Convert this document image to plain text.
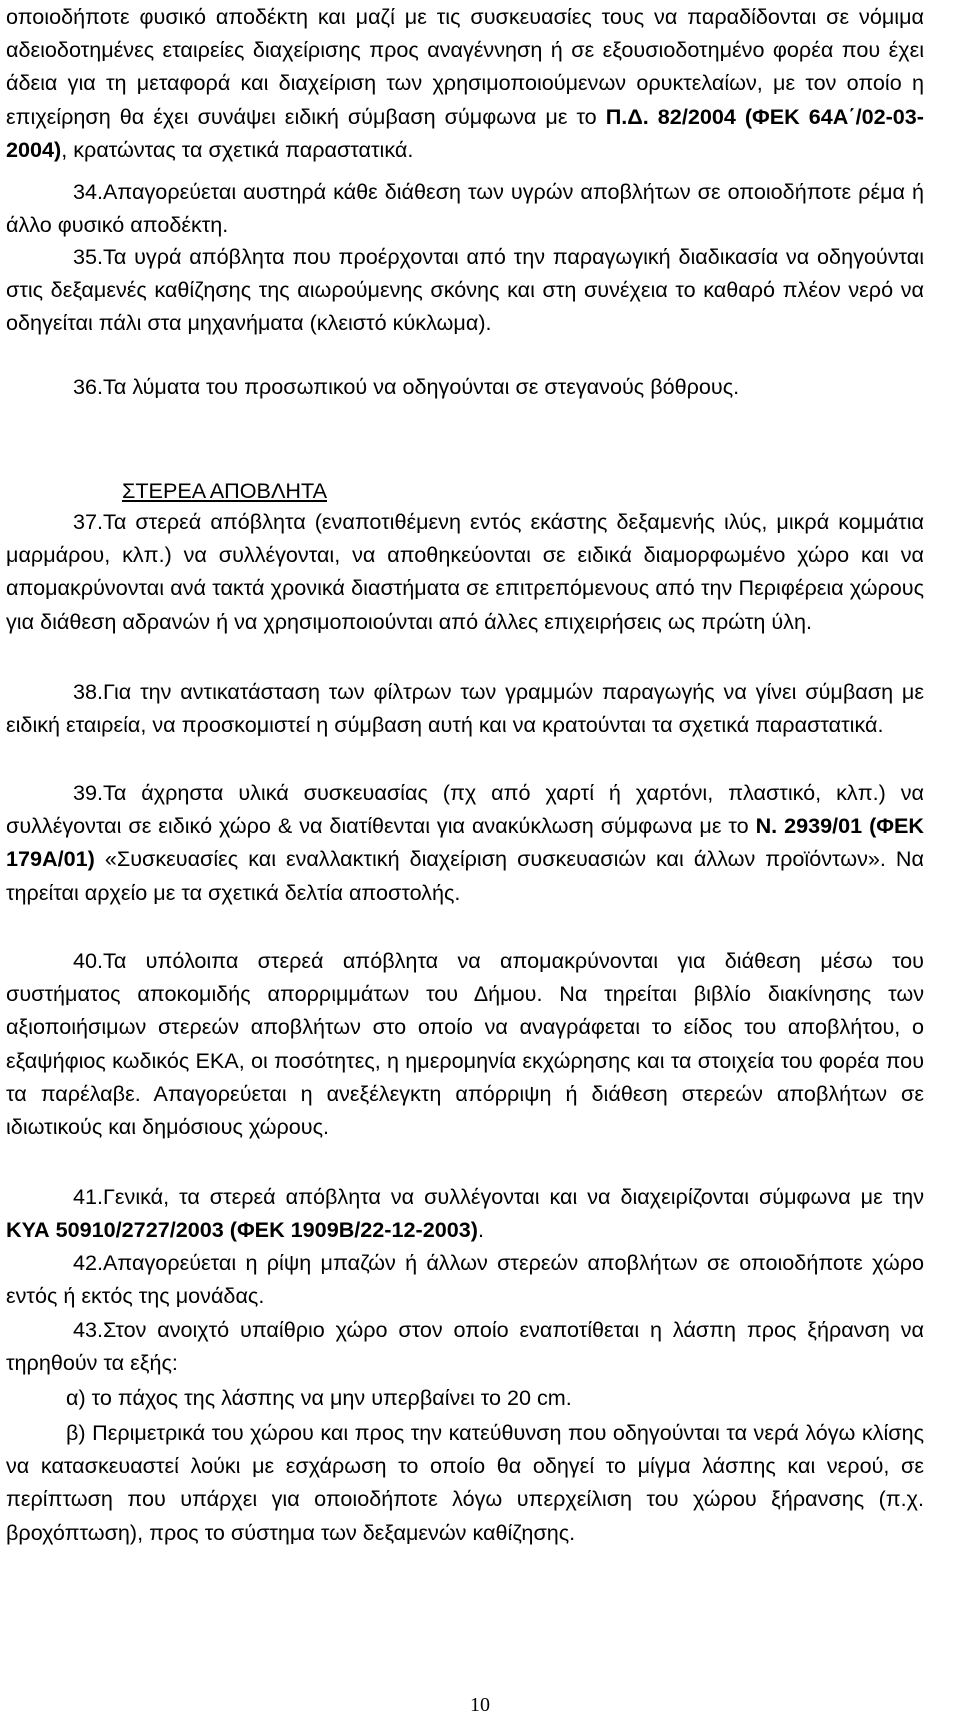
οποιοδήποτε φυσικό αποδέκτη και μαζί με τις συσκευασίες τους να παραδίδονται σε νόμιμα αδειοδοτημένες εταιρείες διαχείρισης προς αναγέννηση ή σε εξουσιοδοτημένο φορέα που έχει άδεια για τη μεταφορά και διαχείριση των χρησιμοποιούμενων ορυκτελαίων, με τον οποίο η επιχείρηση θα έχει συνάψει ειδική σύμβαση σύμφωνα με το Π.Δ. 82/2004 (ΦΕΚ 64Α΄/02-03-2004), κρατώντας τα σχετικά παραστατικά.

34.Απαγορεύεται αυστηρά κάθε διάθεση των υγρών αποβλήτων σε οποιοδήποτε ρέμα ή άλλο φυσικό αποδέκτη.

35.Τα υγρά απόβλητα που προέρχονται από την παραγωγική διαδικασία να οδηγούνται στις δεξαμενές καθίζησης της αιωρούμενης σκόνης και στη συνέχεια το καθαρό πλέον νερό να οδηγείται πάλι στα μηχανήματα (κλειστό κύκλωμα).

36.Τα λύματα του προσωπικού να οδηγούνται σε στεγανούς βόθρους.

ΣΤΕΡΕΑ ΑΠΟΒΛΗΤΑ

37.Τα στερεά απόβλητα (εναποτιθέμενη εντός εκάστης δεξαμενής ιλύς, μικρά κομμάτια μαρμάρου, κλπ.) να συλλέγονται, να αποθηκεύονται σε ειδικά διαμορφωμένο χώρο και να απομακρύνονται ανά τακτά χρονικά διαστήματα σε επιτρεπόμενους από την Περιφέρεια χώρους για διάθεση αδρανών ή να χρησιμοποιούνται από άλλες επιχειρήσεις ως πρώτη ύλη.

38.Για την αντικατάσταση των φίλτρων των γραμμών παραγωγής να γίνει σύμβαση με ειδική εταιρεία, να προσκομιστεί η σύμβαση αυτή και να κρατούνται τα σχετικά παραστατικά.

39.Τα άχρηστα υλικά συσκευασίας (πχ από χαρτί ή χαρτόνι, πλαστικό, κλπ.) να συλλέγονται σε ειδικό χώρο & να διατίθενται για ανακύκλωση σύμφωνα με το Ν. 2939/01 (ΦΕΚ 179Α/01) «Συσκευασίες και εναλλακτική διαχείριση συσκευασιών και άλλων προϊόντων». Να τηρείται αρχείο με τα σχετικά δελτία αποστολής.

40.Τα υπόλοιπα στερεά απόβλητα να απομακρύνονται για διάθεση μέσω του συστήματος αποκομιδής απορριμμάτων του Δήμου. Να τηρείται βιβλίο διακίνησης των αξιοποιήσιμων στερεών αποβλήτων στο οποίο να αναγράφεται το είδος του αποβλήτου, ο εξαψήφιος κωδικός ΕΚΑ, οι ποσότητες, η ημερομηνία εκχώρησης και τα στοιχεία του φορέα που τα παρέλαβε. Απαγορεύεται η ανεξέλεγκτη απόρριψη ή διάθεση στερεών αποβλήτων σε ιδιωτικούς και δημόσιους χώρους.

41.Γενικά, τα στερεά απόβλητα να συλλέγονται και να διαχειρίζονται σύμφωνα με την ΚΥΑ 50910/2727/2003 (ΦΕΚ 1909Β/22-12-2003).

42.Απαγορεύεται η ρίψη μπαζών ή άλλων στερεών αποβλήτων σε οποιοδήποτε χώρο εντός ή εκτός της μονάδας.

43.Στον ανοιχτό υπαίθριο χώρο στον οποίο εναποτίθεται η λάσπη προς ξήρανση να τηρηθούν τα εξής:

α) το πάχος της λάσπης να μην υπερβαίνει το 20 cm.

β) Περιμετρικά του χώρου και προς την κατεύθυνση που οδηγούνται τα νερά λόγω κλίσης να κατασκευαστεί λούκι με εσχάρωση το οποίο θα οδηγεί το μίγμα λάσπης και νερού, σε περίπτωση που υπάρχει για οποιοδήποτε λόγω υπερχείλιση του χώρου ξήρανσης (π.χ. βροχόπτωση), προς το σύστημα των δεξαμενών καθίζησης.

10
